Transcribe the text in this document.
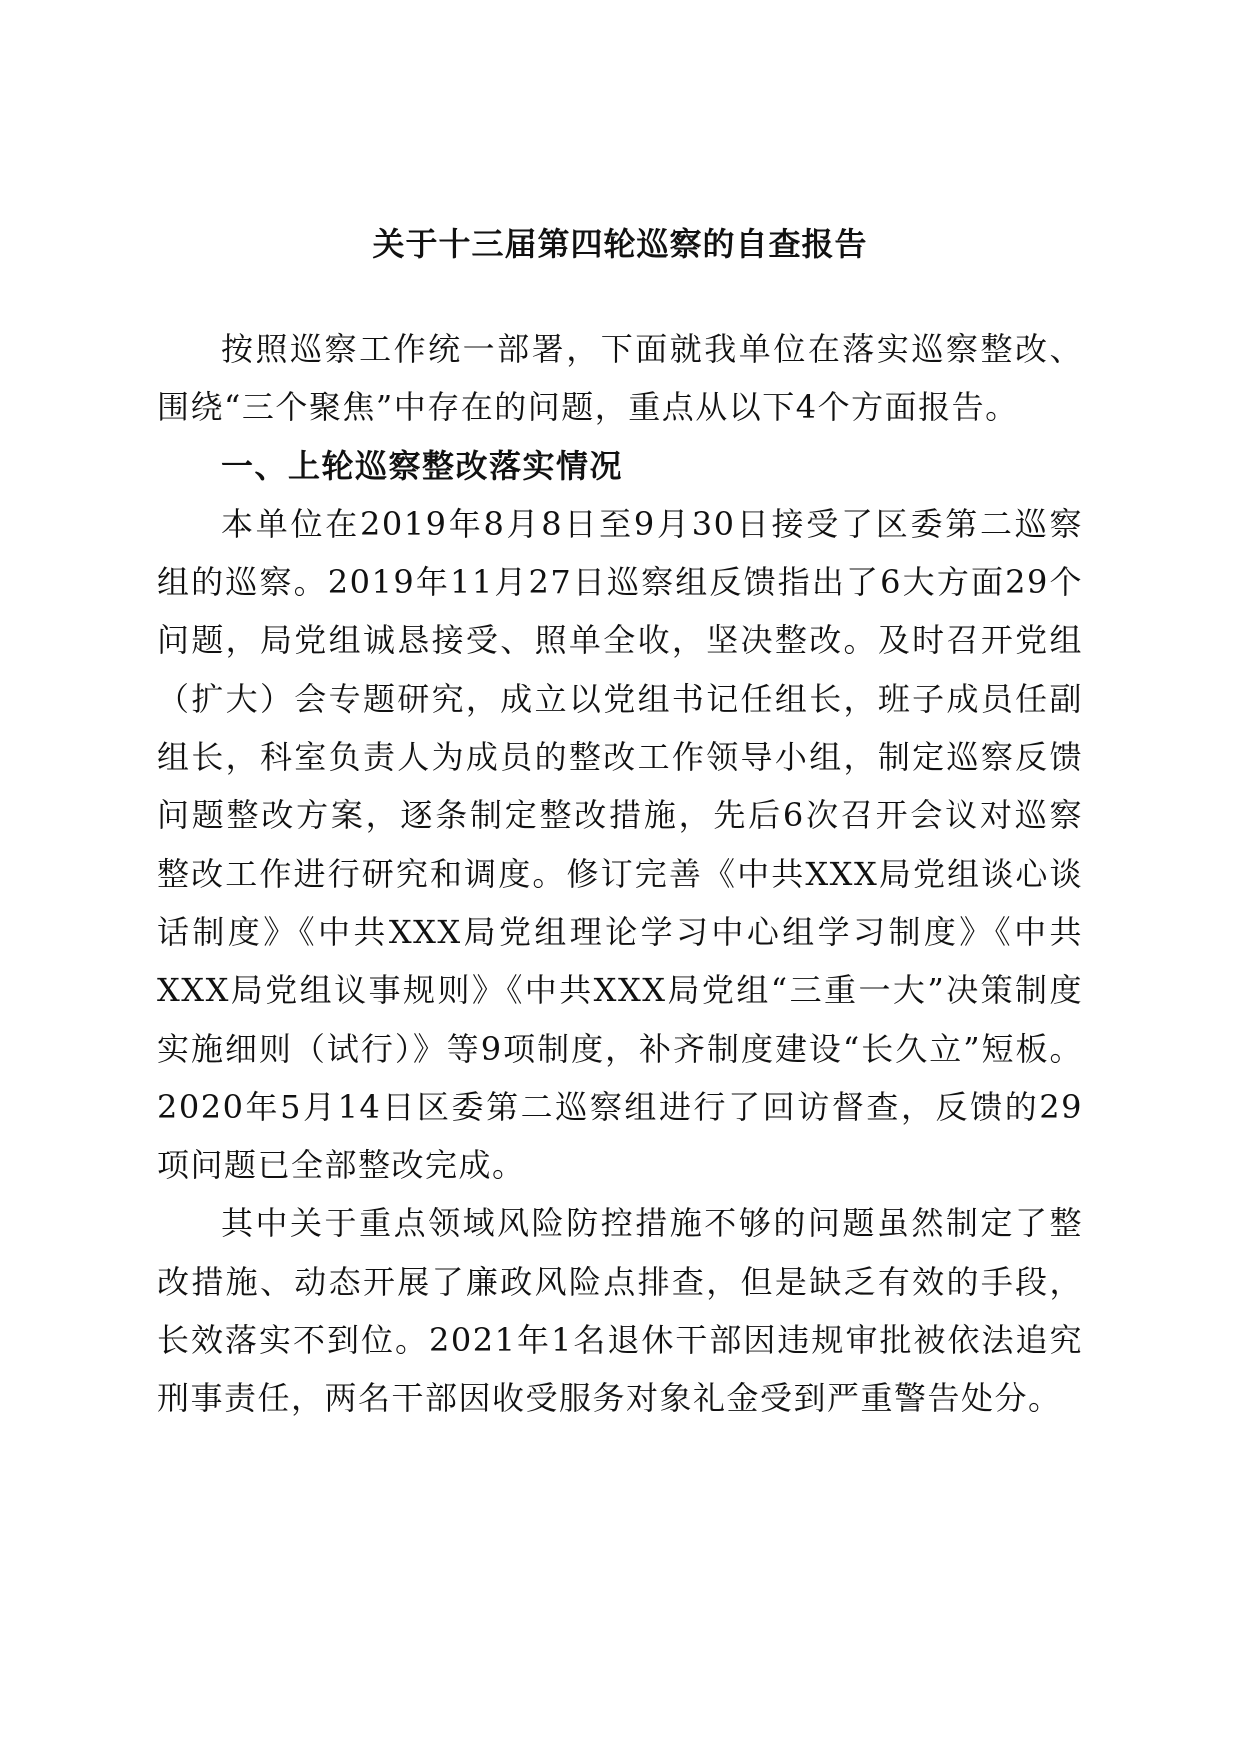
关于十三届第四轮巡察的自查报告

按照巡察工作统一部署，下面就我单位在落实巡察整改、围绕“三个聚焦”中存在的问题，重点从以下4个方面报告。

一、上轮巡察整改落实情况

本单位在2019年8月8日至9月30日接受了区委第二巡察组的巡察。2019年11月27日巡察组反馈指出了6大方面29个问题，局党组诚恳接受、照单全收，坚决整改。及时召开党组（扩大）会专题研究，成立以党组书记任组长，班子成员任副组长，科室负责人为成员的整改工作领导小组，制定巡察反馈问题整改方案，逐条制定整改措施，先后6次召开会议对巡察整改工作进行研究和调度。修订完善《中共XXX局党组谈心谈话制度》《中共XXX局党组理论学习中心组学习制度》《中共XXX局党组议事规则》《中共XXX局党组“三重一大”决策制度实施细则（试行）》等9项制度，补齐制度建设“长久立”短板。2020年5月14日区委第二巡察组进行了回访督查，反馈的29项问题已全部整改完成。

其中关于重点领域风险防控措施不够的问题虽然制定了整改措施、动态开展了廉政风险点排查，但是缺乏有效的手段，长效落实不到位。2021年1名退休干部因违规审批被依法追究刑事责任，两名干部因收受服务对象礼金受到严重警告处分。
